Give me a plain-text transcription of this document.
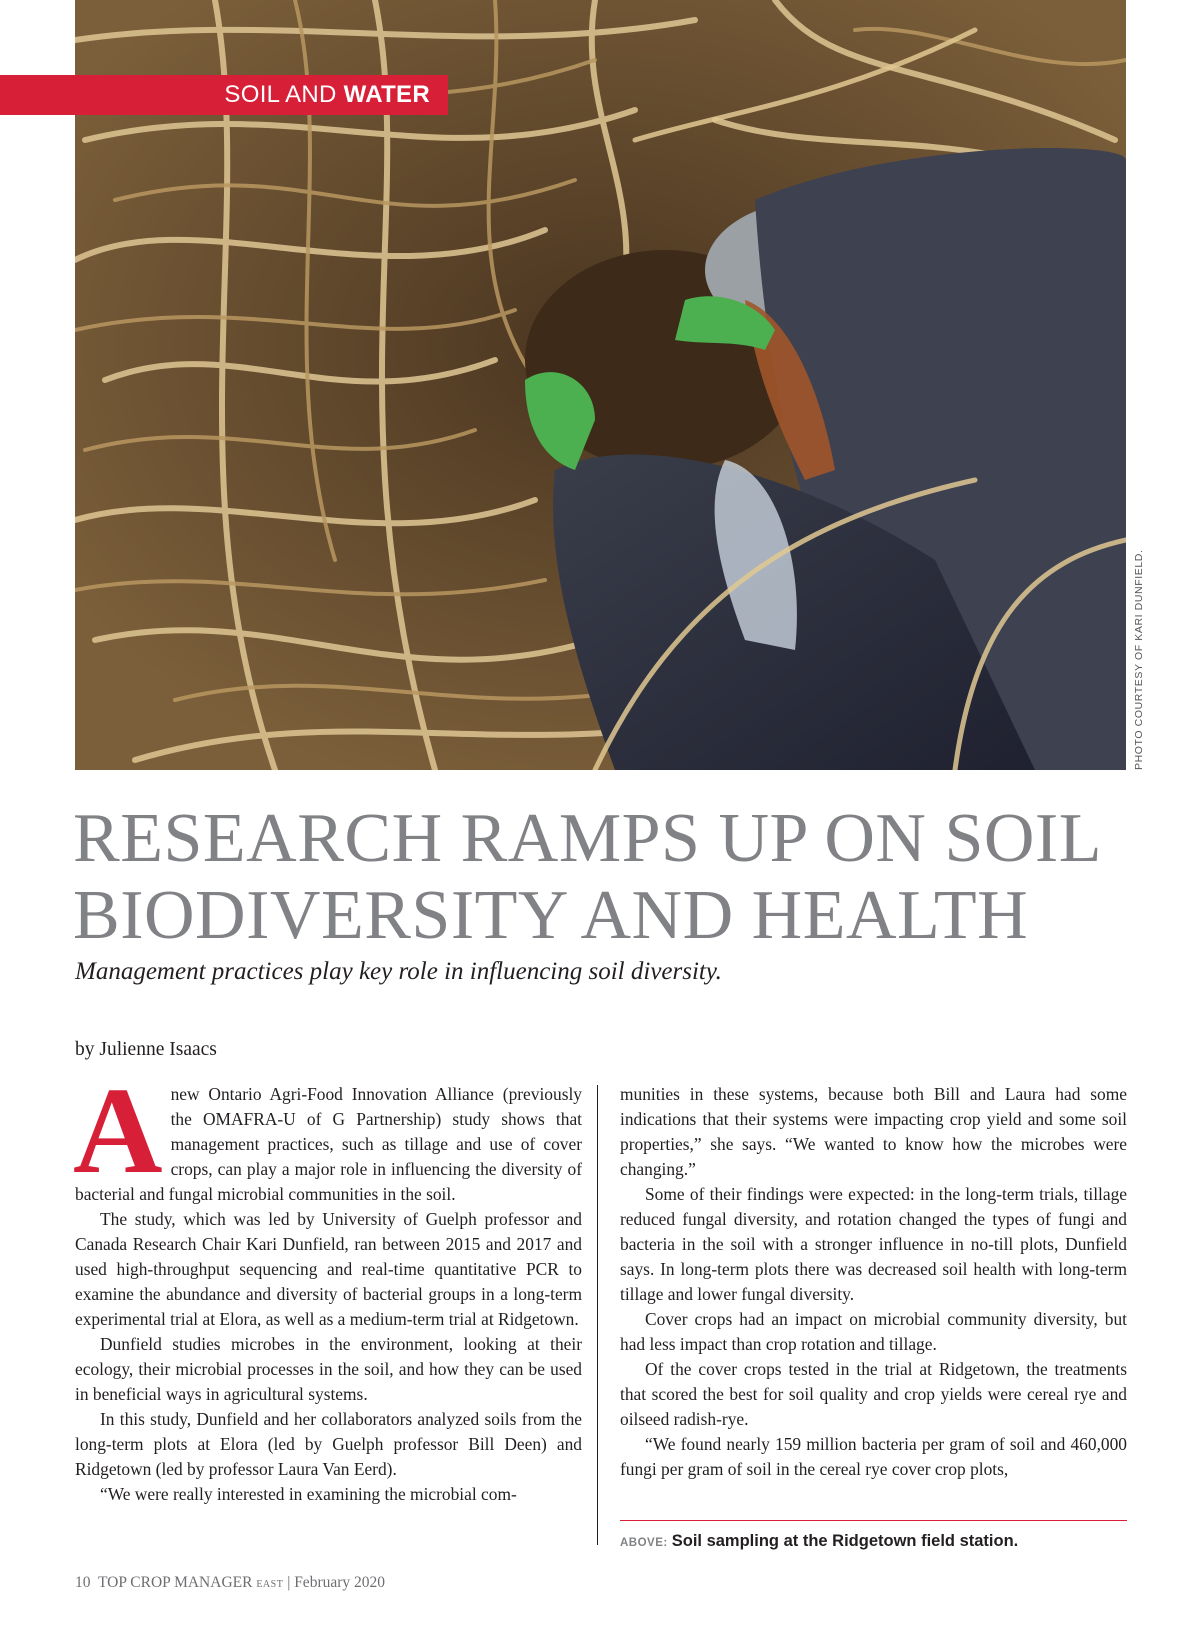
SOIL AND WATER
PHOTO COURTESY OF KARI DUNFIELD.
RESEARCH RAMPS UP ON SOIL
BIODIVERSITY AND HEALTH

Management practices play key role in influencing soil diversity.

by Julienne Isaacs

Anew Ontario Agri-Food Innovation Alliance (previously the OMAFRA-U of G Partnership) study shows that management practices, such as tillage and use of cover crops, can play a major role in influencing the diversity of bacterial and fungal microbial communities in the soil.

The study, which was led by University of Guelph professor and Canada Research Chair Kari Dunfield, ran between 2015 and 2017 and used high-throughput sequencing and real-time quantitative PCR to examine the abundance and diversity of bacterial groups in a long-term experimental trial at Elora, as well as a medium-term trial at Ridgetown.

Dunfield studies microbes in the environment, looking at their ecology, their microbial processes in the soil, and how they can be used in beneficial ways in agricultural systems.

In this study, Dunfield and her collaborators analyzed soils from the long-term plots at Elora (led by Guelph professor Bill Deen) and Ridgetown (led by professor Laura Van Eerd).

“We were really interested in examining the microbial com-

munities in these systems, because both Bill and Laura had some indications that their systems were impacting crop yield and some soil properties,” she says. “We wanted to know how the microbes were changing.”

Some of their findings were expected: in the long-term trials, tillage reduced fungal diversity, and rotation changed the types of fungi and bacteria in the soil with a stronger influence in no-till plots, Dunfield says. In long-term plots there was decreased soil health with long-term tillage and lower fungal diversity.

Cover crops had an impact on microbial community diversity, but had less impact than crop rotation and tillage.

Of the cover crops tested in the trial at Ridgetown, the treatments that scored the best for soil quality and crop yields were cereal rye and oilseed radish-rye.

“We found nearly 159 million bacteria per gram of soil and 460,000 fungi per gram of soil in the cereal rye cover crop plots,

ABOVE: Soil sampling at the Ridgetown field station.
10 TOP CROP MANAGER EAST | February 2020
